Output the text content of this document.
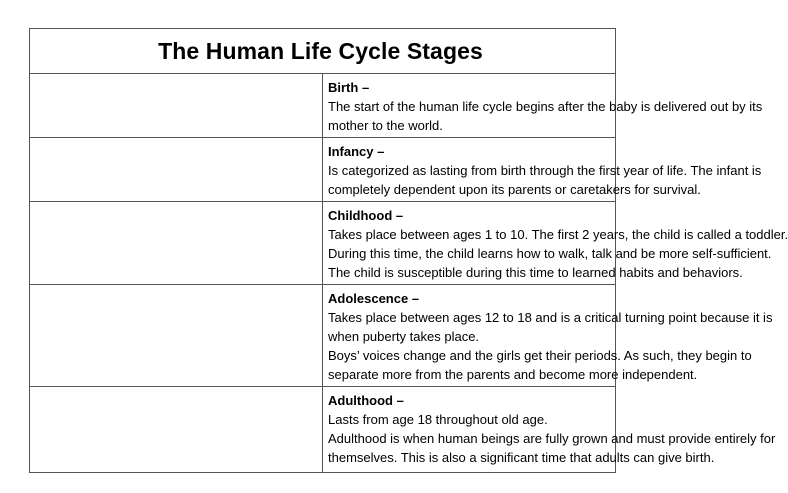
The Human Life Cycle Stages	

	Birth –
The start of the human life cycle begins after the baby is delivered out by its
mother to the world.

	Infancy –
Is categorized as lasting from birth through the first year of life. The infant is
completely dependent upon its parents or caretakers for survival.

	Childhood –
Takes place between ages 1 to 10. The first 2 years, the child is called a toddler.
During this time, the child learns how to walk, talk and be more self-sufficient.
The child is susceptible during this time to learned habits and behaviors.

	Adolescence –
Takes place between ages 12 to 18 and is a critical turning point because it is
when puberty takes place.
Boys’ voices change and the girls get their periods. As such, they begin to
separate more from the parents and become more independent.

	Adulthood –
Lasts from age 18 throughout old age.
Adulthood is when human beings are fully grown and must provide entirely for
themselves. This is also a significant time that adults can give birth.
